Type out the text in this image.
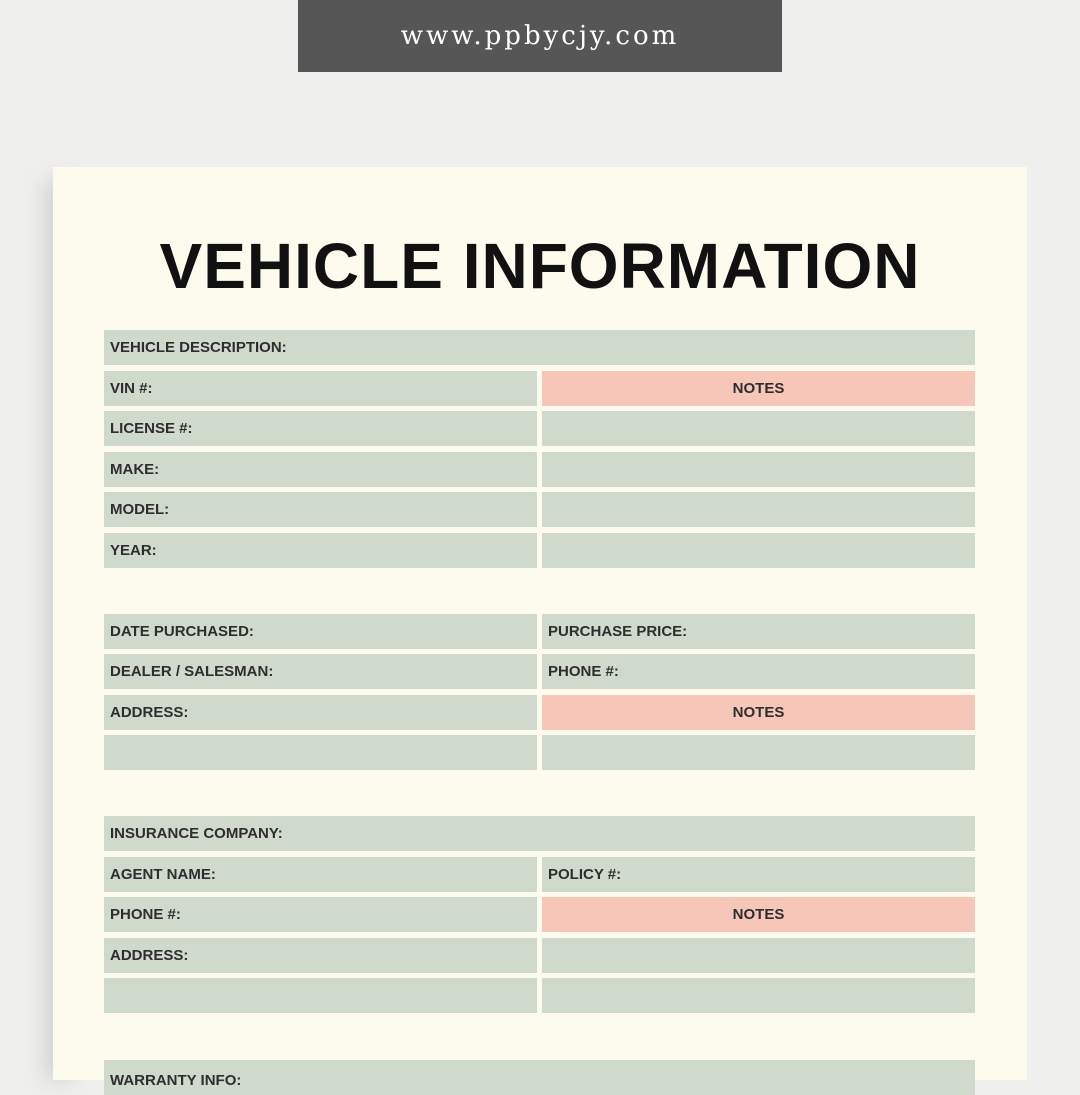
www.ppbycjy.com
VEHICLE INFORMATION
VEHICLE DESCRIPTION:
VIN #:	NOTES
LICENSE #:
MAKE:
MODEL:
YEAR:
DATE PURCHASED:	PURCHASE PRICE:
DEALER / SALESMAN:	PHONE #:
ADDRESS:	NOTES
INSURANCE COMPANY:
AGENT NAME:	POLICY #:
PHONE #:	NOTES
ADDRESS:
WARRANTY INFO:
